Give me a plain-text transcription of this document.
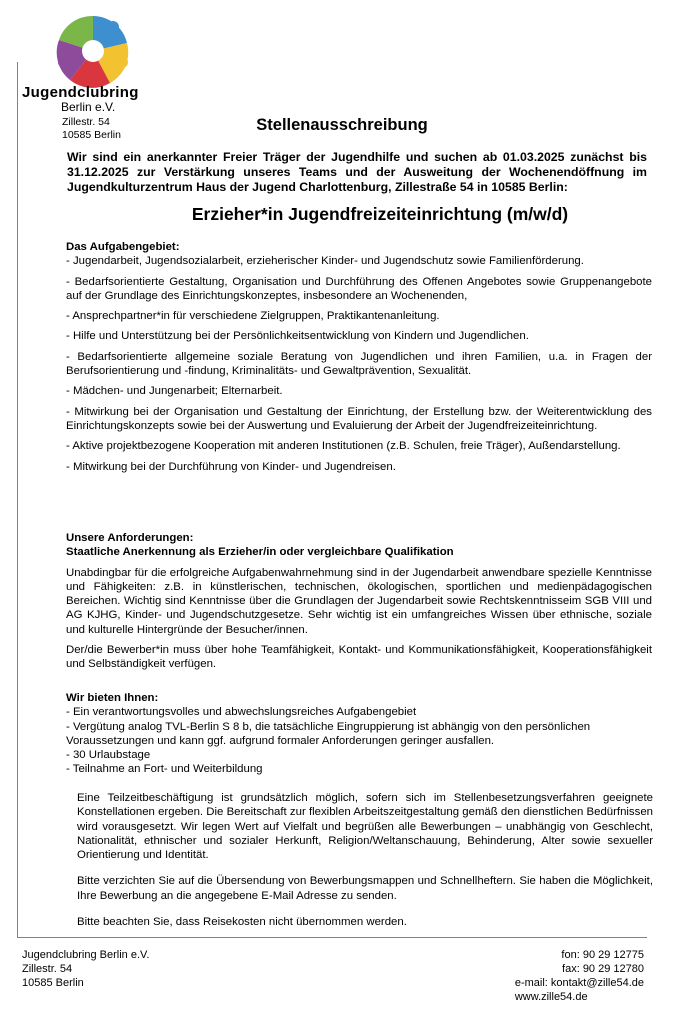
Jugendclubring
Berlin e.V.
Zillestr. 54
10585 Berlin
Stellenausschreibung
Wir sind ein anerkannter Freier Träger der Jugendhilfe und suchen ab 01.03.2025 zunächst bis 31.12.2025 zur Verstärkung unseres Teams und der Ausweitung der Wochenendöffnung im Jugendkulturzentrum Haus der Jugend Charlottenburg, Zillestraße 54 in 10585 Berlin:
Erzieher*in Jugendfreizeiteinrichtung (m/w/d)
Das Aufgabengebiet:
- Jugendarbeit, Jugendsozialarbeit, erzieherischer Kinder- und Jugendschutz sowie Familienförderung.
- Bedarfsorientierte Gestaltung, Organisation und Durchführung des Offenen Angebotes sowie Gruppenangebote auf der Grundlage des Einrichtungskonzeptes, insbesondere an Wochenenden,
- Ansprechpartner*in für verschiedene Zielgruppen, Praktikantenanleitung.
- Hilfe und Unterstützung bei der Persönlichkeitsentwicklung von Kindern und Jugendlichen.
- Bedarfsorientierte allgemeine soziale Beratung von Jugendlichen und ihren Familien, u.a. in Fragen der Berufsorientierung und -findung, Kriminalitäts- und Gewaltprävention, Sexualität.
- Mädchen- und Jungenarbeit; Elternarbeit.
- Mitwirkung bei der Organisation und Gestaltung der Einrichtung, der Erstellung bzw. der Weiterentwicklung des Einrichtungskonzepts sowie bei der Auswertung und Evaluierung der Arbeit der Jugendfreizeiteinrichtung.
- Aktive projektbezogene Kooperation mit anderen Institutionen (z.B. Schulen, freie Träger), Außendarstellung.
- Mitwirkung bei der Durchführung von Kinder- und Jugendreisen.
Unsere Anforderungen:
Staatliche Anerkennung als Erzieher/in oder vergleichbare Qualifikation
Unabdingbar für die erfolgreiche Aufgabenwahrnehmung sind in der Jugendarbeit anwendbare spezielle Kenntnisse und Fähigkeiten: z.B. in künstlerischen, technischen, ökologischen, sportlichen und medienpädagogischen Bereichen. Wichtig sind Kenntnisse über die Grundlagen der Jugendarbeit sowie Rechtskenntnisseim SGB VIII und AG KJHG, Kinder- und Jugendschutzgesetze. Sehr wichtig ist ein umfangreiches Wissen über ethnische, soziale und kulturelle Hintergründe der Besucher/innen.
Der/die Bewerber*in muss über hohe Teamfähigkeit, Kontakt- und Kommunikationsfähigkeit, Kooperationsfähigkeit und Selbständigkeit verfügen.
Wir bieten Ihnen:
- Ein verantwortungsvolles und abwechslungsreiches Aufgabengebiet
- Vergütung analog TVL-Berlin S 8 b, die tatsächliche Eingruppierung ist abhängig von den persönlichen Voraussetzungen und kann ggf. aufgrund formaler Anforderungen geringer ausfallen.
- 30 Urlaubstage
- Teilnahme an Fort- und Weiterbildung
Eine Teilzeitbeschäftigung ist grundsätzlich möglich, sofern sich im Stellenbesetzungsverfahren geeignete Konstellationen ergeben. Die Bereitschaft zur flexiblen Arbeitszeitgestaltung gemäß den dienstlichen Bedürfnissen wird vorausgesetzt. Wir legen Wert auf Vielfalt und begrüßen alle Bewerbungen – unabhängig von Geschlecht, Nationalität, ethnischer und sozialer Herkunft, Religion/Weltanschauung, Behinderung, Alter sowie sexueller Orientierung und Identität.
Bitte verzichten Sie auf die Übersendung von Bewerbungsmappen und Schnellheftern. Sie haben die Möglichkeit, Ihre Bewerbung an die angegebene E-Mail Adresse zu senden.
Bitte beachten Sie, dass Reisekosten nicht übernommen werden.
Jugendclubring Berlin e.V.
Zillestr. 54
10585 Berlin
fon: 90 29 12775
fax: 90 29 12780
e-mail: kontakt@zille54.de
www.zille54.de
